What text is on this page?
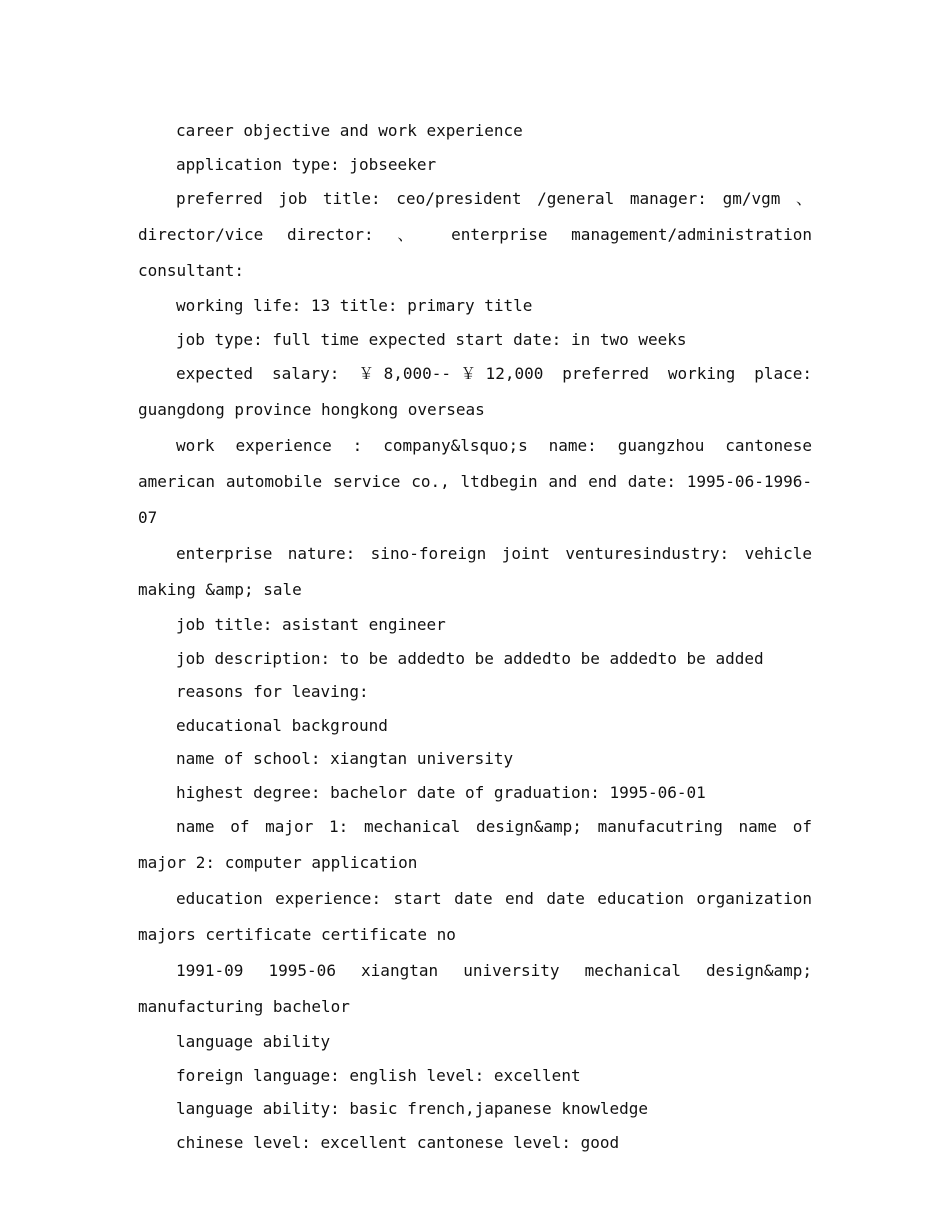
career objective and work experience

application type: jobseeker

preferred job title: ceo/president /general manager: gm/vgm 、 director/vice director: 、 enterprise management/administration consultant:

working life: 13 title: primary title

job type: full time expected start date: in two weeks

expected salary: ￥8,000--￥12,000 preferred working place: guangdong province hongkong overseas

work experience : company&lsquo;s name: guangzhou cantonese american automobile service co., ltdbegin and end date: 1995-06-1996-07

enterprise nature: sino-foreign joint venturesindustry: vehicle making &amp; sale

job title: asistant engineer

job description: to be addedto be addedto be addedto be added

reasons for leaving:

educational background

name of school: xiangtan university

highest degree: bachelor date of graduation: 1995-06-01

name of major 1: mechanical design&amp; manufacutring name of major 2: computer application

education experience: start date end date education organization majors certificate certificate no

1991-09 1995-06 xiangtan university mechanical design&amp; manufacturing bachelor

language ability

foreign language: english level: excellent

language ability: basic french,japanese knowledge

chinese level: excellent cantonese level: good
